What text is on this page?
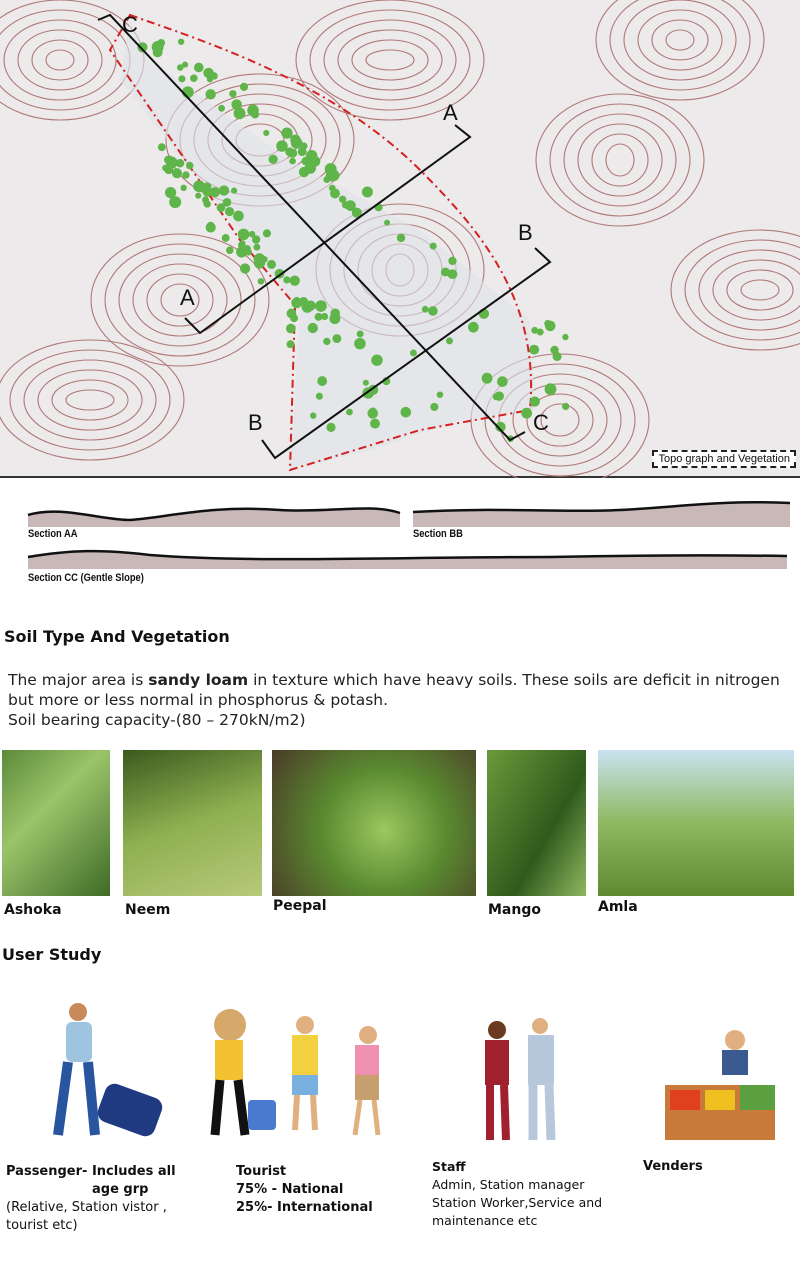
A
A
B
B
C
C
Topo graph and Vegetation
Section AA	Section BB
Section CC (Gentle Slope)
Soil Type And Vegetation
The major area is sandy loam in texture which have heavy soils. These soils are deficit in nitrogen but more or less normal in phosphorus & potash.
Soil bearing capacity-(80 – 270kN/m2)
Ashoka	Neem	Peepal	Mango	Amla
User Study
Passenger- Includes all
age grp
(Relative, Station vistor , tourist etc)
Tourist
75% - National
25%- International
Staff
Admin, Station manager Station Worker,Service and maintenance etc
Venders
